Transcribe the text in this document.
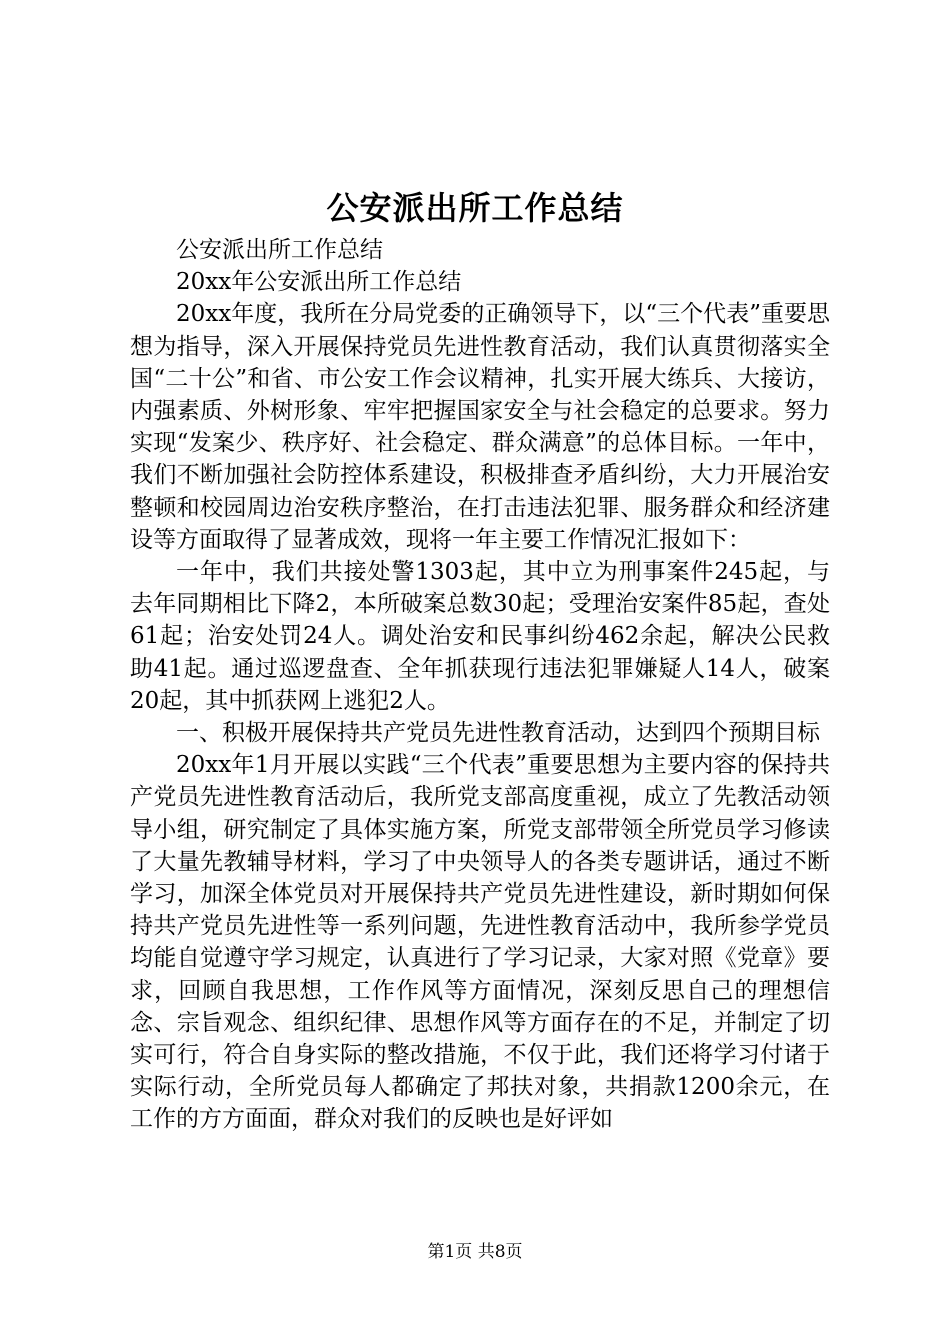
公安派出所工作总结

公安派出所工作总结

20xx年公安派出所工作总结

20xx年度，我所在分局党委的正确领导下，以“三个代表”重要思想为指导，深入开展保持党员先进性教育活动，我们认真贯彻落实全国“二十公”和省、市公安工作会议精神，扎实开展大练兵、大接访，内强素质、外树形象、牢牢把握国家安全与社会稳定的总要求。努力实现“发案少、秩序好、社会稳定、群众满意”的总体目标。一年中，我们不断加强社会防控体系建设，积极排查矛盾纠纷，大力开展治安整顿和校园周边治安秩序整治，在打击违法犯罪、服务群众和经济建设等方面取得了显著成效，现将一年主要工作情况汇报如下：

一年中，我们共接处警1303起，其中立为刑事案件245起，与去年同期相比下降2，本所破案总数30起；受理治安案件85起，查处61起；治安处罚24人。调处治安和民事纠纷462余起，解决公民救助41起。通过巡逻盘查、全年抓获现行违法犯罪嫌疑人14人，破案20起，其中抓获网上逃犯2人。

一、积极开展保持共产党员先进性教育活动，达到四个预期目标

20xx年1月开展以实践“三个代表”重要思想为主要内容的保持共产党员先进性教育活动后，我所党支部高度重视，成立了先教活动领导小组，研究制定了具体实施方案，所党支部带领全所党员学习修读了大量先教辅导材料，学习了中央领导人的各类专题讲话，通过不断学习，加深全体党员对开展保持共产党员先进性建设，新时期如何保持共产党员先进性等一系列问题，先进性教育活动中，我所参学党员均能自觉遵守学习规定，认真进行了学习记录，大家对照《党章》要求，回顾自我思想，工作作风等方面情况，深刻反思自己的理想信念、宗旨观念、组织纪律、思想作风等方面存在的不足，并制定了切实可行，符合自身实际的整改措施，不仅于此，我们还将学习付诸于实际行动，全所党员每人都确定了邦扶对象，共捐款1200余元，在工作的方方面面，群众对我们的反映也是好评如

第1页 共8页
